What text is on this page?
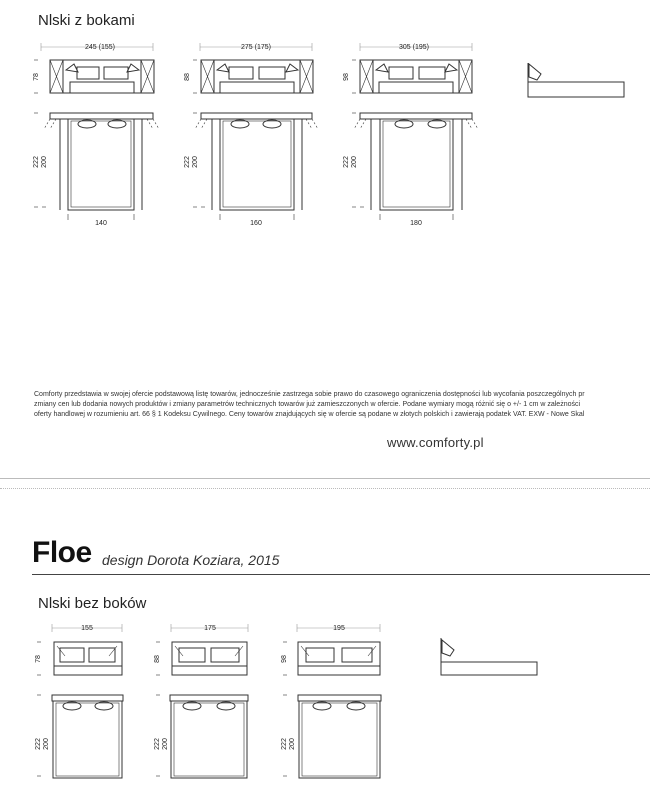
Nlski z bokami
245 (155)	275 (175)	305 (195)
78	88	98
222 200	222 200	222 200
140	160	180
Comforty przedstawia w swojej ofercie podstawową listę towarów, jednocześnie zastrzega sobie prawo do czasowego ograniczenia dostępności lub wycofania poszczególnych pr
zmiany cen lub dodania nowych produktów i zmiany parametrów technicznych towarów już zamieszczonych w ofercie. Podane wymiary mogą różnić się o +/- 1 cm w zależności
oferty handlowej w rozumieniu art. 66 § 1 Kodeksu Cywilnego. Ceny towarów znajdujących się w ofercie są podane w złotych polskich i zawierają podatek VAT. EXW - Nowe Skal
www.comforty.pl
Floe design Dorota Koziara, 2015
Nlski bez boków
155	175	195
78	88	98
222 200	222 200	222 200
